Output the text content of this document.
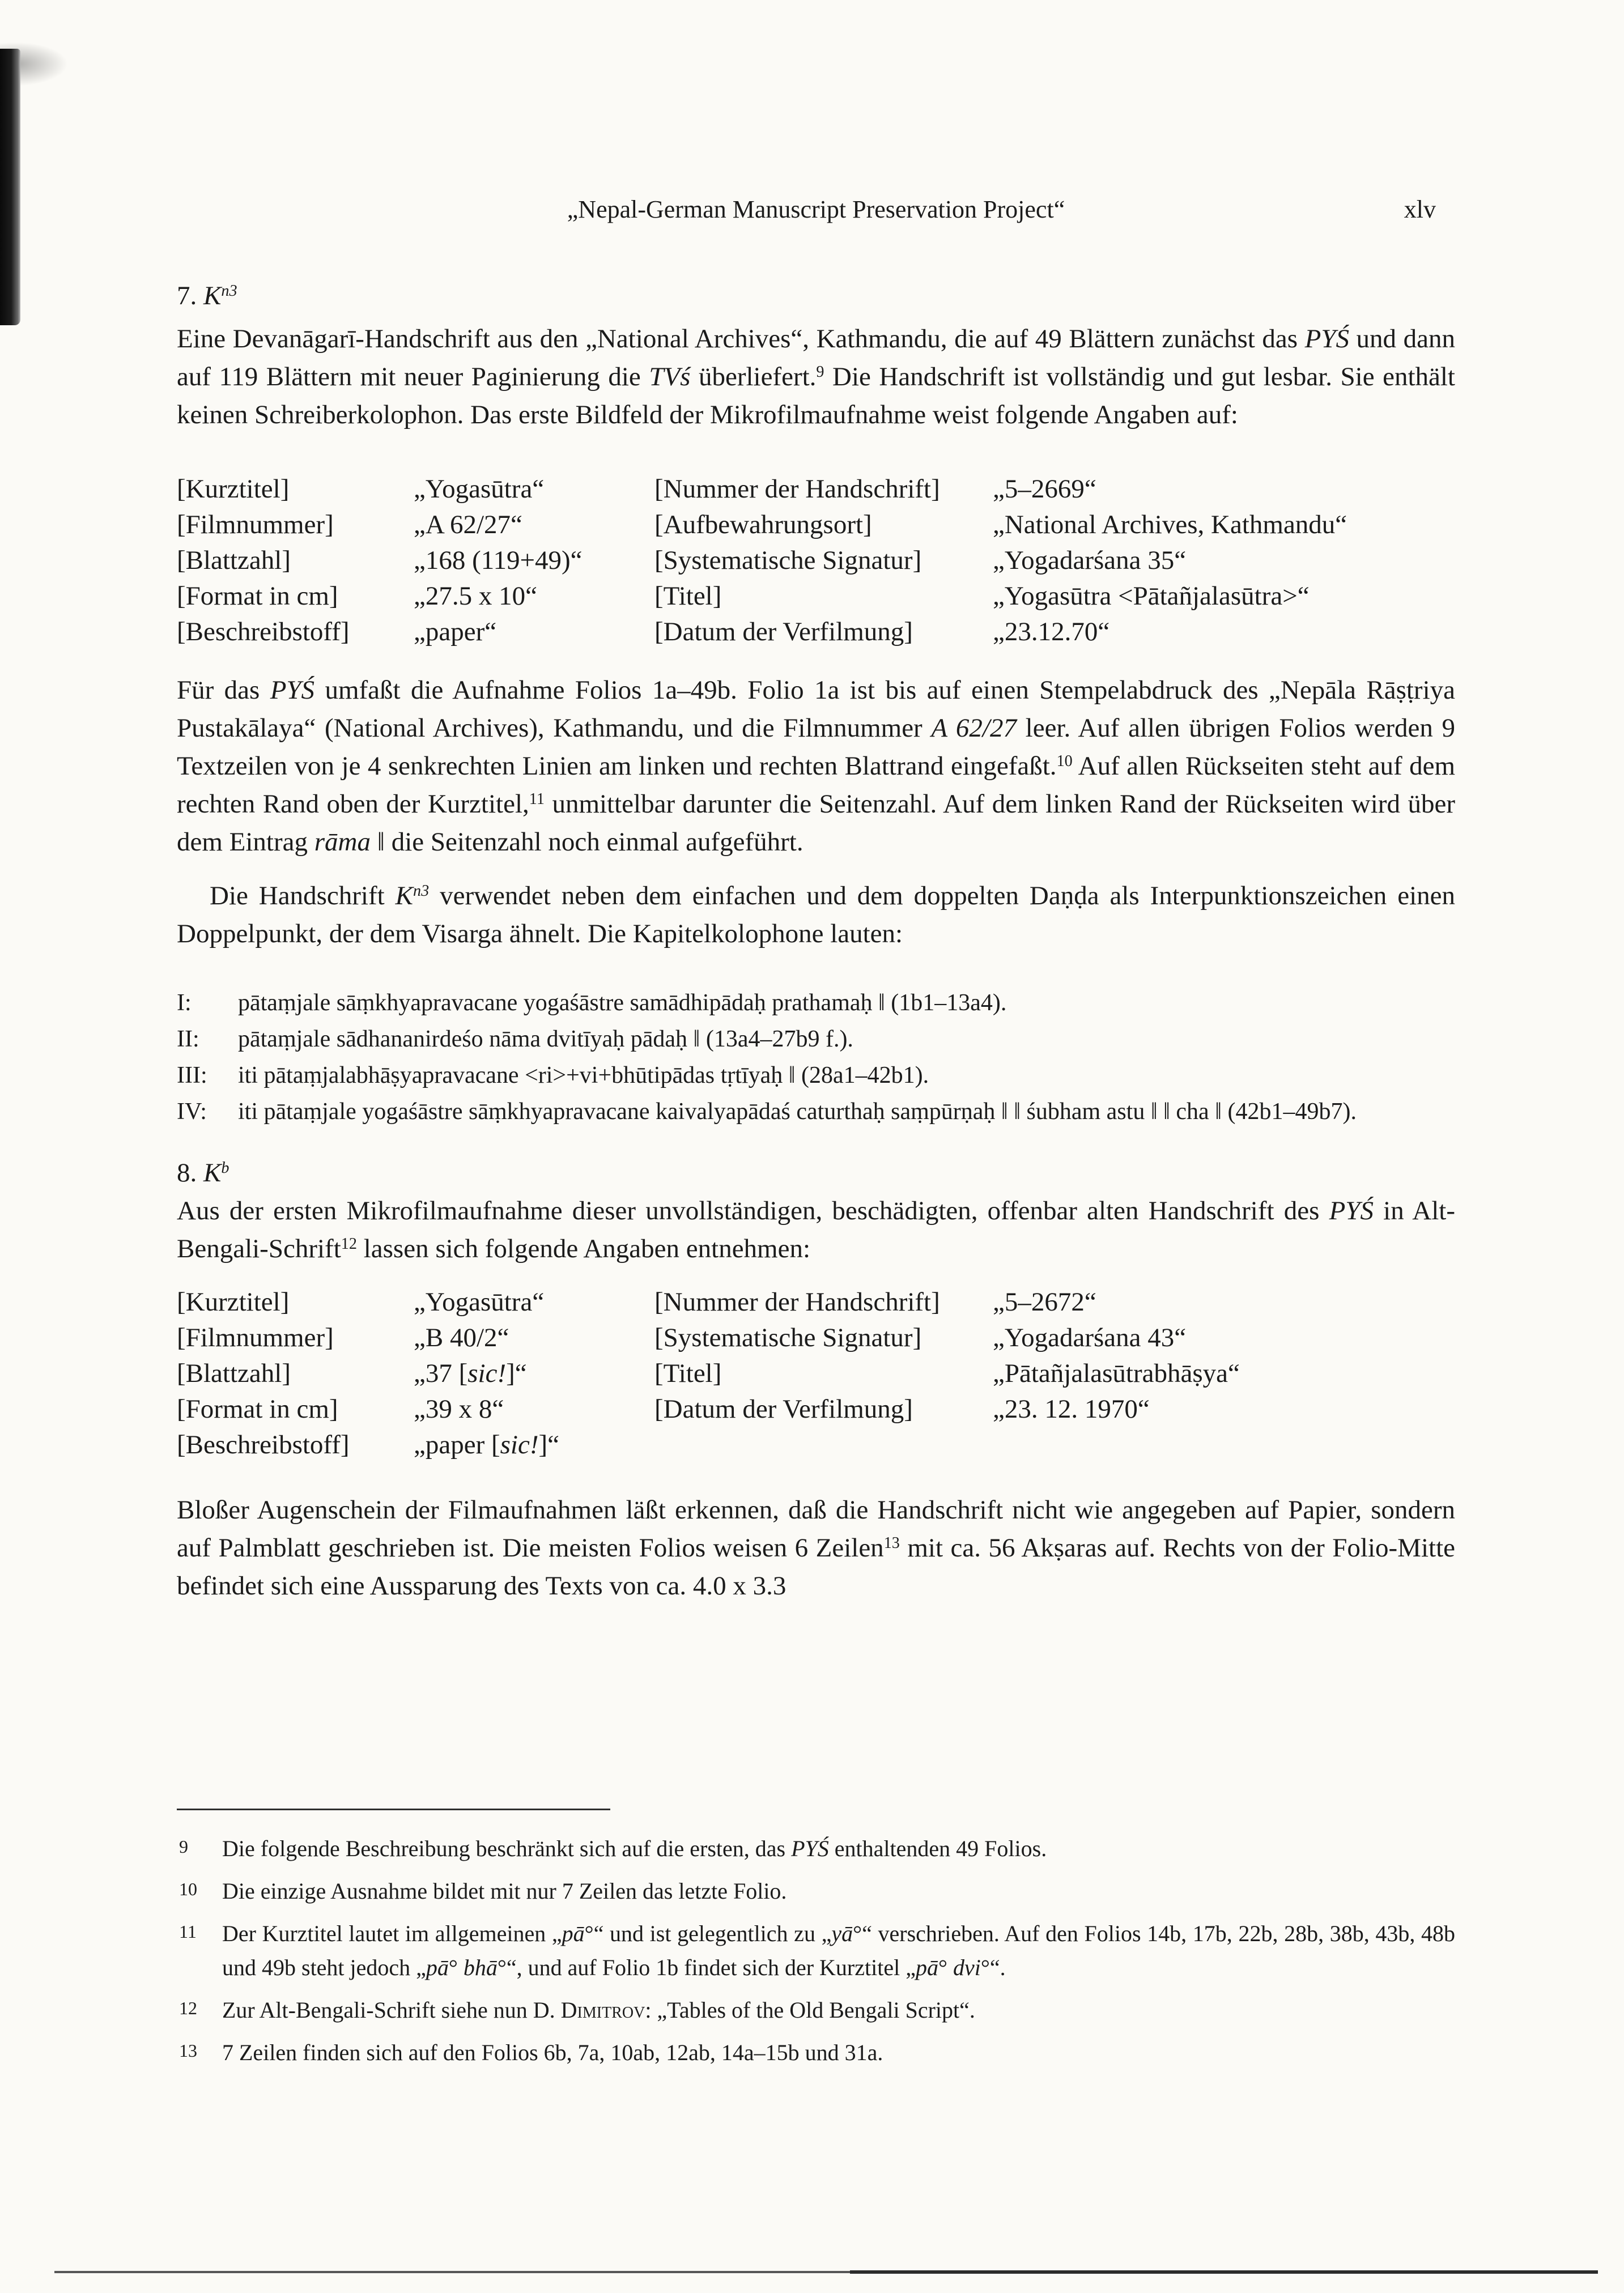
„Nepal-German Manuscript Preservation Project“	xlv
7. $K^{n3}$

Eine Devanāgarī-Handschrift aus den „National Archives“, Kathmandu, die auf 49 Blättern zunächst das PYŚ und dann auf 119 Blättern mit neuer Paginierung die TVś überliefert.$^9$ Die Handschrift ist vollständig und gut lesbar. Sie enthält keinen Schreiberkolophon. Das erste Bildfeld der Mikrofilmaufnahme weist folgende Angaben auf:

[Kurztitel]	„Yogasūtra“	[Nummer der Handschrift]	„5–2669“
[Filmnummer]	„A 62/27“	[Aufbewahrungsort]	„National Archives, Kathmandu“
[Blattzahl]	„168 (119+49)“	[Systematische Signatur]	„Yogadarśana 35“
[Format in cm]	„27.5 x 10“	[Titel]	„Yogasūtra <Pātañjalasūtra>“
[Beschreibstoff]	„paper“	[Datum der Verfilmung]	„23.12.70“

Für das PYŚ umfaßt die Aufnahme Folios 1a–49b. Folio 1a ist bis auf einen Stempelabdruck des „Nepāla Rāṣṭriya Pustakālaya“ (National Archives), Kathmandu, und die Filmnummer A 62/27 leer. Auf allen übrigen Folios werden 9 Textzeilen von je 4 senkrechten Linien am linken und rechten Blattrand eingefaßt.$^{10}$ Auf allen Rückseiten steht auf dem rechten Rand oben der Kurztitel,$^{11}$ unmittelbar darunter die Seitenzahl. Auf dem linken Rand der Rückseiten wird über dem Eintrag rāma ‖ die Seitenzahl noch einmal aufgeführt.

Die Handschrift $K^{n3}$ verwendet neben dem einfachen und dem doppelten Daṇḍa als Interpunktionszeichen einen Doppelpunkt, der dem Visarga ähnelt. Die Kapitelkolophone lauten:

I: pātaṃjale sāṃkhyapravacane yogaśāstre samādhipādaḥ prathamaḥ ‖ (1b1–13a4).
II: pātaṃjale sādhananirdeśo nāma dvitīyaḥ pādaḥ ‖ (13a4–27b9 f.).
III: iti pātaṃjalabhāṣyapravacane <ri>+vi+bhūtipādas tṛtīyaḥ ‖ (28a1–42b1).
IV: iti pātaṃjale yogaśāstre sāṃkhyapravacane kaivalyapādaś caturthaḥ saṃpūrṇaḥ ‖ ‖ śubham astu ‖ ‖ cha ‖ (42b1–49b7).
8. $K^b$

Aus der ersten Mikrofilmaufnahme dieser unvollständigen, beschädigten, offenbar alten Handschrift des PYŚ in Alt-Bengali-Schrift$^{12}$ lassen sich folgende Angaben entnehmen:

[Kurztitel]	„Yogasūtra“	[Nummer der Handschrift]	„5–2672“
[Filmnummer]	„B 40/2“	[Systematische Signatur]	„Yogadarśana 43“
[Blattzahl]	„37 [sic!]“	[Titel]	„Pātañjalasūtrabhāṣya“
[Format in cm]	„39 x 8“	[Datum der Verfilmung]	„23. 12. 1970“
[Beschreibstoff]	„paper [sic!]“

Bloßer Augenschein der Filmaufnahmen läßt erkennen, daß die Handschrift nicht wie angegeben auf Papier, sondern auf Palmblatt geschrieben ist. Die meisten Folios weisen 6 Zeilen$^{13}$ mit ca. 56 Akṣaras auf. Rechts von der Folio-Mitte befindet sich eine Aussparung des Texts von ca. 4.0 x 3.3

9 Die folgende Beschreibung beschränkt sich auf die ersten, das PYŚ enthaltenden 49 Folios.
10 Die einzige Ausnahme bildet mit nur 7 Zeilen das letzte Folio.
11 Der Kurztitel lautet im allgemeinen „pā°“ und ist gelegentlich zu „yā°“ verschrieben. Auf den Folios 14b, 17b, 22b, 28b, 38b, 43b, 48b und 49b steht jedoch „pā° bhā°“, und auf Folio 1b findet sich der Kurztitel „pā° dvi°“.
12 Zur Alt-Bengali-Schrift siehe nun D. Dimitrov: „Tables of the Old Bengali Script“.
13 7 Zeilen finden sich auf den Folios 6b, 7a, 10ab, 12ab, 14a–15b und 31a.
